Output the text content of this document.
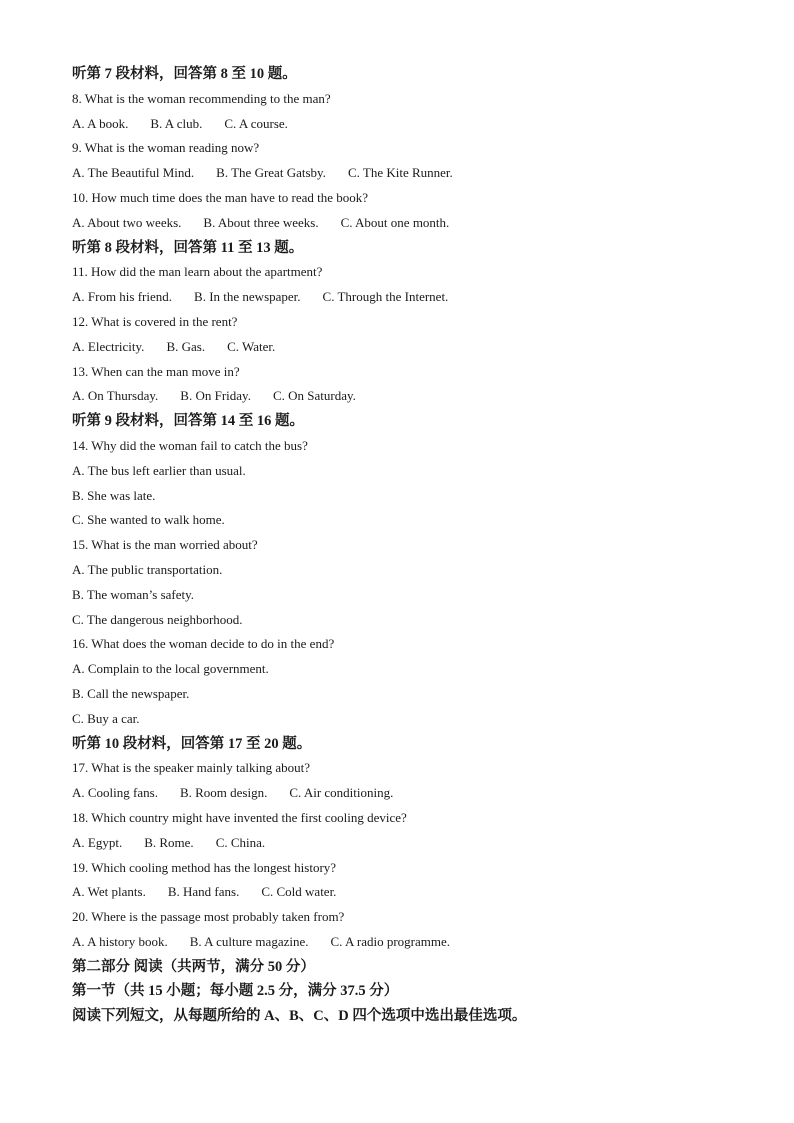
听第 7 段材料，回答第 8 至 10 题。
8. What is the woman recommending to the man?
A. A book. B. A club. C. A course.
9. What is the woman reading now?
A. The Beautiful Mind. B. The Great Gatsby. C. The Kite Runner.
10. How much time does the man have to read the book?
A. About two weeks. B. About three weeks. C. About one month.
听第 8 段材料，回答第 11 至 13 题。
11. How did the man learn about the apartment?
A. From his friend. B. In the newspaper. C. Through the Internet.
12. What is covered in the rent?
A. Electricity. B. Gas. C. Water.
13. When can the man move in?
A. On Thursday. B. On Friday. C. On Saturday.
听第 9 段材料，回答第 14 至 16 题。
14. Why did the woman fail to catch the bus?
A. The bus left earlier than usual.
B. She was late.
C. She wanted to walk home.
15. What is the man worried about?
A. The public transportation.
B. The woman’s safety.
C. The dangerous neighborhood.
16. What does the woman decide to do in the end?
A. Complain to the local government.
B. Call the newspaper.
C. Buy a car.
听第 10 段材料，回答第 17 至 20 题。
17. What is the speaker mainly talking about?
A. Cooling fans. B. Room design. C. Air conditioning.
18. Which country might have invented the first cooling device?
A. Egypt. B. Rome. C. China.
19. Which cooling method has the longest history?
A. Wet plants. B. Hand fans. C. Cold water.
20. Where is the passage most probably taken from?
A. A history book. B. A culture magazine. C. A radio programme.
第二部分 阅读（共两节，满分 50 分）
第一节（共 15 小题；每小题 2.5 分，满分 37.5 分）
阅读下列短文，从每题所给的 A、B、C、D 四个选项中选出最佳选项。
